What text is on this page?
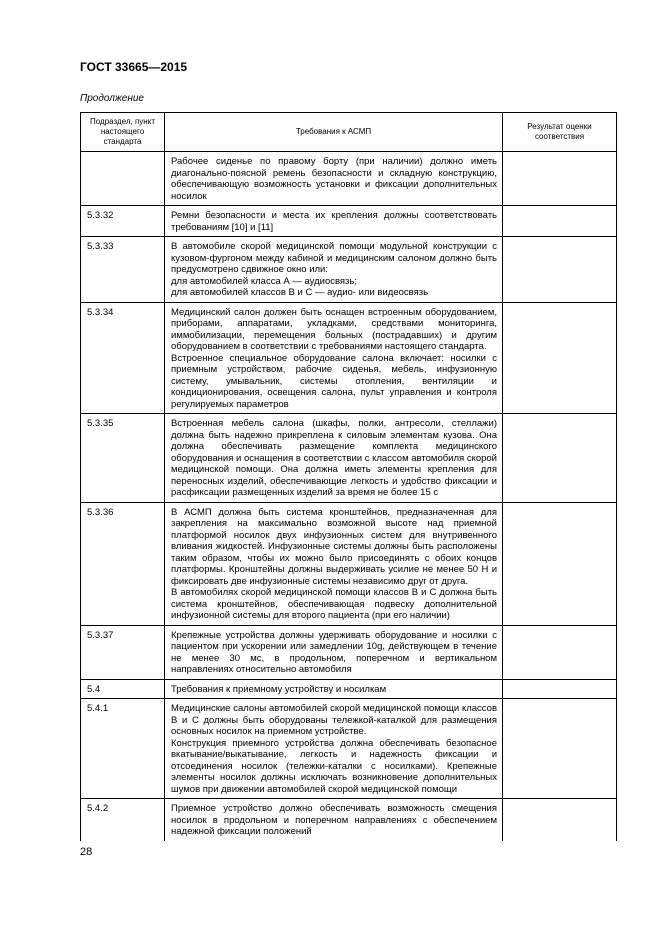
ГОСТ 33665—2015
Продолжение
Подраздел, пункт настоящего стандарта	Требования к АСМП	Результат оценки соответствия
	Рабочее сиденье по правому борту (при наличии) должно иметь диагонально-поясной ремень безопасности и складную конструкцию, обеспечивающую возможность установки и фиксации дополнительных носилок	
5.3.32	Ремни безопасности и места их крепления должны соответствовать требованиям [10] и [11]	
5.3.33	В автомобиле скорой медицинской помощи модульной конструкции с кузовом-фургоном между кабиной и медицинским салоном должно быть предусмотрено сдвижное окно или:
для автомобилей класса А — аудиосвязь;
для автомобилей классов В и С — аудио- или видеосвязь	
5.3.34	Медицинский салон должен быть оснащен встроенным оборудованием, приборами, аппаратами, укладками, средствами мониторинга, иммобилизации, перемещения больных (пострадавших) и другим оборудованием в соответствии с требованиями настоящего стандарта.
Встроенное специальное оборудование салона включает: носилки с приемным устройством, рабочие сиденья, мебель, инфузионную систему, умывальник, системы отопления, вентиляции и кондиционирования, освещения салона, пульт управления и контроля регулируемых параметров	
5.3.35	Встроенная мебель салона (шкафы, полки, антресоли, стеллажи) должна быть надежно прикреплена к силовым элементам кузова. Она должна обеспечивать размещение комплекта медицинского оборудования и оснащения в соответствии с классом автомобиля скорой медицинской помощи. Она должна иметь элементы крепления для переносных изделий, обеспечивающие легкость и удобство фиксации и расфиксации размещенных изделий за время не более 15 с	
5.3.36	В АСМП должна быть система кронштейнов, предназначенная для закрепления на максимально возможной высоте над приемной платформой носилок двух инфузионных систем для внутривенного вливания жидкостей. Инфузионные системы должны быть расположены таким образом, чтобы их можно было присоединять с обоих концов платформы. Кронштейны должны выдерживать усилие не менее 50 Н и фиксировать две инфузионные системы независимо друг от друга.
В автомобилях скорой медицинской помощи классов В и С должна быть система кронштейнов, обеспечивающая подвеску дополнительной инфузионной системы для второго пациента (при его наличии)	
5.3.37	Крепежные устройства должны удерживать оборудование и носилки с пациентом при ускорении или замедлении 10g, действующем в течение не менее 30 мс, в продольном, поперечном и вертикальном направлениях относительно автомобиля	
5.4	Требования к приемному устройству и носилкам	
5.4.1	Медицинские салоны автомобилей скорой медицинской помощи классов В и С должны быть оборудованы тележкой-каталкой для размещения основных носилок на приемном устройстве.
Конструкция приемного устройства должна обеспечивать безопасное вкатывание/выкатывание, легкость и надежность фиксации и отсоединения носилок (тележки-каталки с носилками). Крепежные элементы носилок должны исключать возникновение дополнительных шумов при движении автомобилей скорой медицинской помощи	
5.4.2	Приемное устройство должно обеспечивать возможность смещения носилок в продольном и поперечном направлениях с обеспечением надежной фиксации положений	
28
